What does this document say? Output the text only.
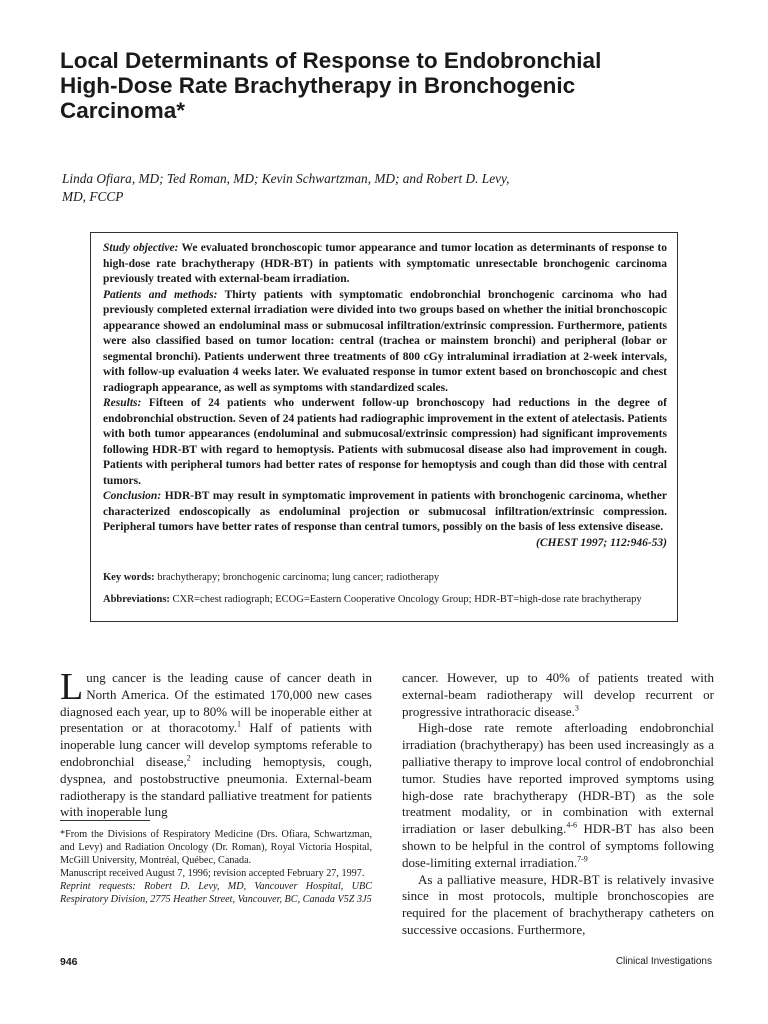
Local Determinants of Response to Endobronchial High-Dose Rate Brachytherapy in Bronchogenic Carcinoma*
Linda Ofiara, MD; Ted Roman, MD; Kevin Schwartzman, MD; and Robert D. Levy, MD, FCCP

Study objective: We evaluated bronchoscopic tumor appearance and tumor location as determinants of response to high-dose rate brachytherapy (HDR-BT) in patients with symptomatic unresectable bronchogenic carcinoma previously treated with external-beam irradiation.

Patients and methods: Thirty patients with symptomatic endobronchial bronchogenic carcinoma who had previously completed external irradiation were divided into two groups based on whether the initial bronchoscopic appearance showed an endoluminal mass or submucosal infiltration/extrinsic compression. Furthermore, patients were also classified based on tumor location: central (trachea or mainstem bronchi) and peripheral (lobar or segmental bronchi). Patients underwent three treatments of 800 cGy intraluminal irradiation at 2-week intervals, with follow-up evaluation 4 weeks later. We evaluated response in tumor extent based on bronchoscopic and chest radiograph appearance, as well as symptoms with standardized scales.

Results: Fifteen of 24 patients who underwent follow-up bronchoscopy had reductions in the degree of endobronchial obstruction. Seven of 24 patients had radiographic improvement in the extent of atelectasis. Patients with both tumor appearances (endoluminal and submucosal/extrinsic compression) had significant improvements following HDR-BT with regard to hemoptysis. Patients with submucosal disease also had improvement in cough. Patients with peripheral tumors had better rates of response for hemoptysis and cough than did those with central tumors.

Conclusion: HDR-BT may result in symptomatic improvement in patients with bronchogenic carcinoma, whether characterized endoscopically as endoluminal projection or submucosal infiltration/extrinsic compression. Peripheral tumors have better rates of response than central tumors, possibly on the basis of less extensive disease.
(CHEST 1997; 112:946-53)

Key words: brachytherapy; bronchogenic carcinoma; lung cancer; radiotherapy
Abbreviations: CXR=chest radiograph; ECOG=Eastern Cooperative Oncology Group; HDR-BT=high-dose rate brachytherapy

Lung cancer is the leading cause of cancer death in North America. Of the estimated 170,000 new cases diagnosed each year, up to 80% will be inoperable either at presentation or at thoracotomy.$^1$ Half of patients with inoperable lung cancer will develop symptoms referable to endobronchial disease,$^2$ including hemoptysis, cough, dyspnea, and postobstructive pneumonia. External-beam radiotherapy is the standard palliative treatment for patients with inoperable lung

*From the Divisions of Respiratory Medicine (Drs. Ofiara, Schwartzman, and Levy) and Radiation Oncology (Dr. Roman), Royal Victoria Hospital, McGill University, Montréal, Québec, Canada.

Manuscript received August 7, 1996; revision accepted February 27, 1997.

Reprint requests: Robert D. Levy, MD, Vancouver Hospital, UBC Respiratory Division, 2775 Heather Street, Vancouver, BC, Canada V5Z 3J5

cancer. However, up to 40% of patients treated with external-beam radiotherapy will develop recurrent or progressive intrathoracic disease.$^3$

High-dose rate remote afterloading endobronchial irradiation (brachytherapy) has been used increasingly as a palliative therapy to improve local control of endobronchial tumor. Studies have reported improved symptoms using high-dose rate brachytherapy (HDR-BT) as the sole treatment modality, or in combination with external irradiation or laser debulking.$^{4-6}$ HDR-BT has also been shown to be helpful in the control of symptoms following dose-limiting external irradiation.$^{7-9}$

As a palliative measure, HDR-BT is relatively invasive since in most protocols, multiple bronchoscopies are required for the placement of brachytherapy catheters on successive occasions. Furthermore,

946	Clinical Investigations
